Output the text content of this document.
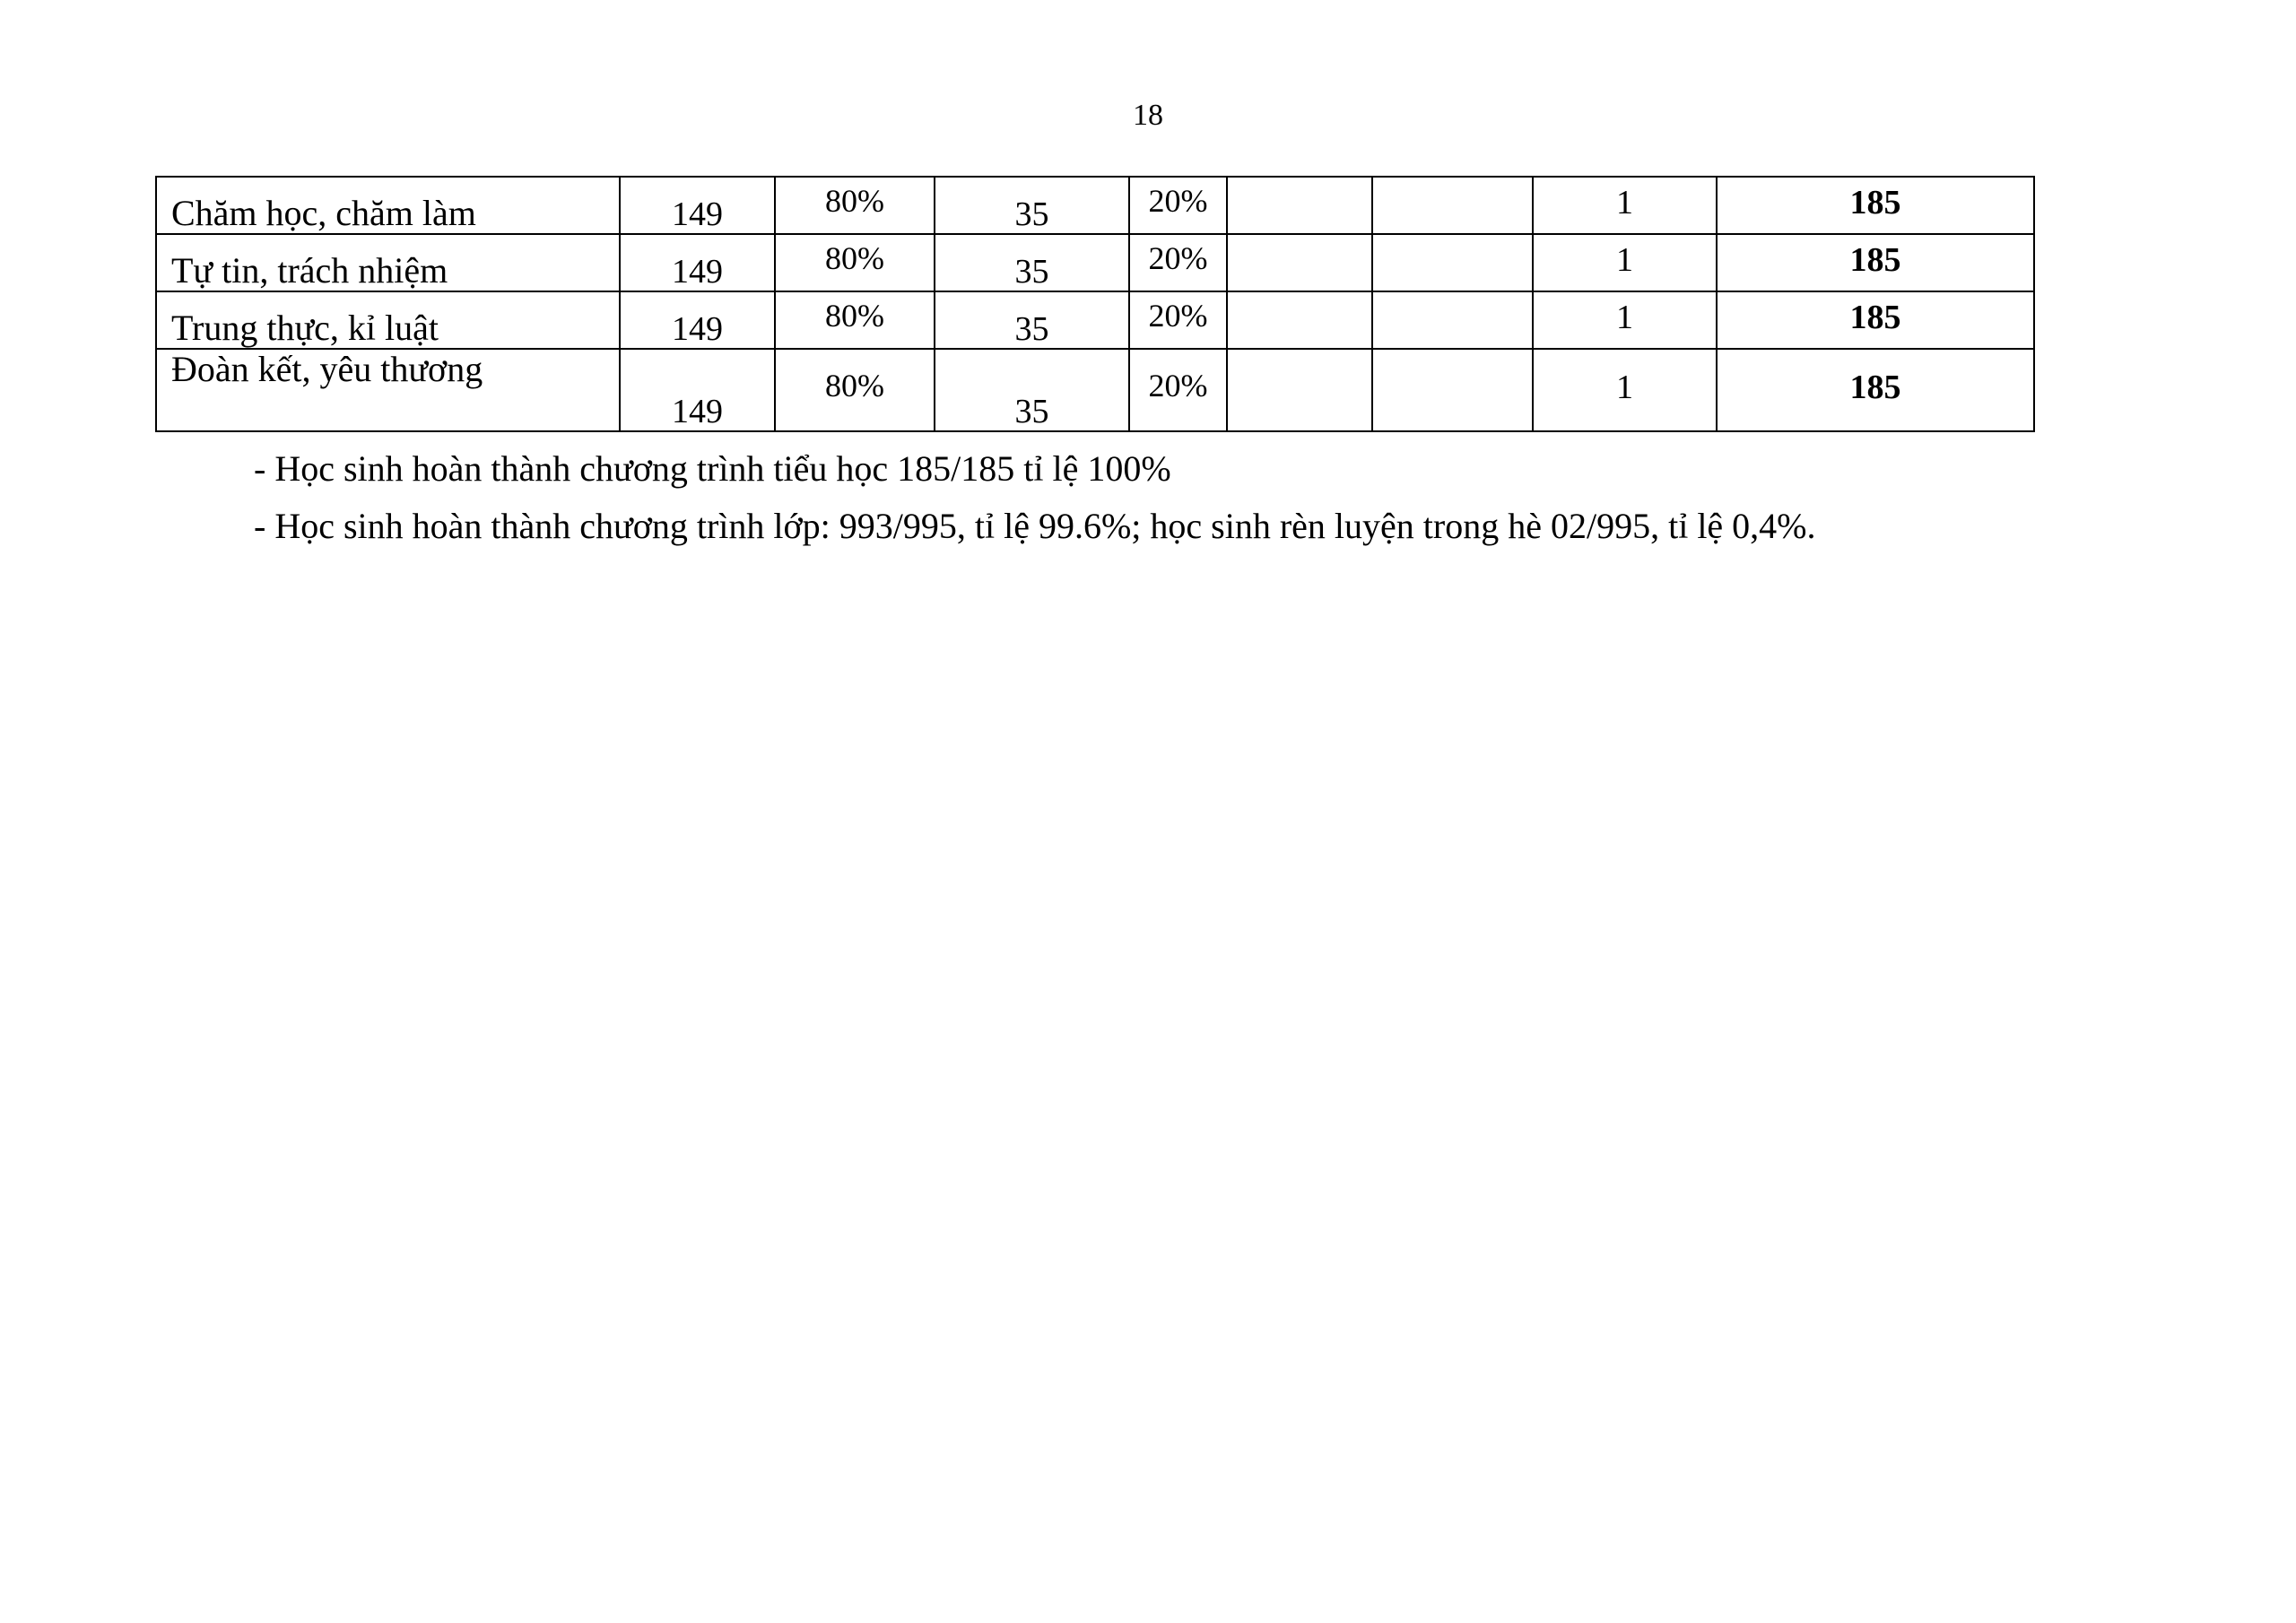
18
Chăm học, chăm làm	149	80%	35	20%			1	185
Tự tin, trách nhiệm	149	80%	35	20%			1	185
Trung thực, kỉ luật	149	80%	35	20%			1	185
Đoàn kết, yêu thương	149	80%	35	20%			1	185

- Học sinh hoàn thành chương trình tiểu học 185/185 tỉ lệ 100%

- Học sinh hoàn thành chương trình lớp: 993/995, tỉ lệ 99.6%; học sinh rèn luyện trong hè 02/995, tỉ lệ 0,4%.
